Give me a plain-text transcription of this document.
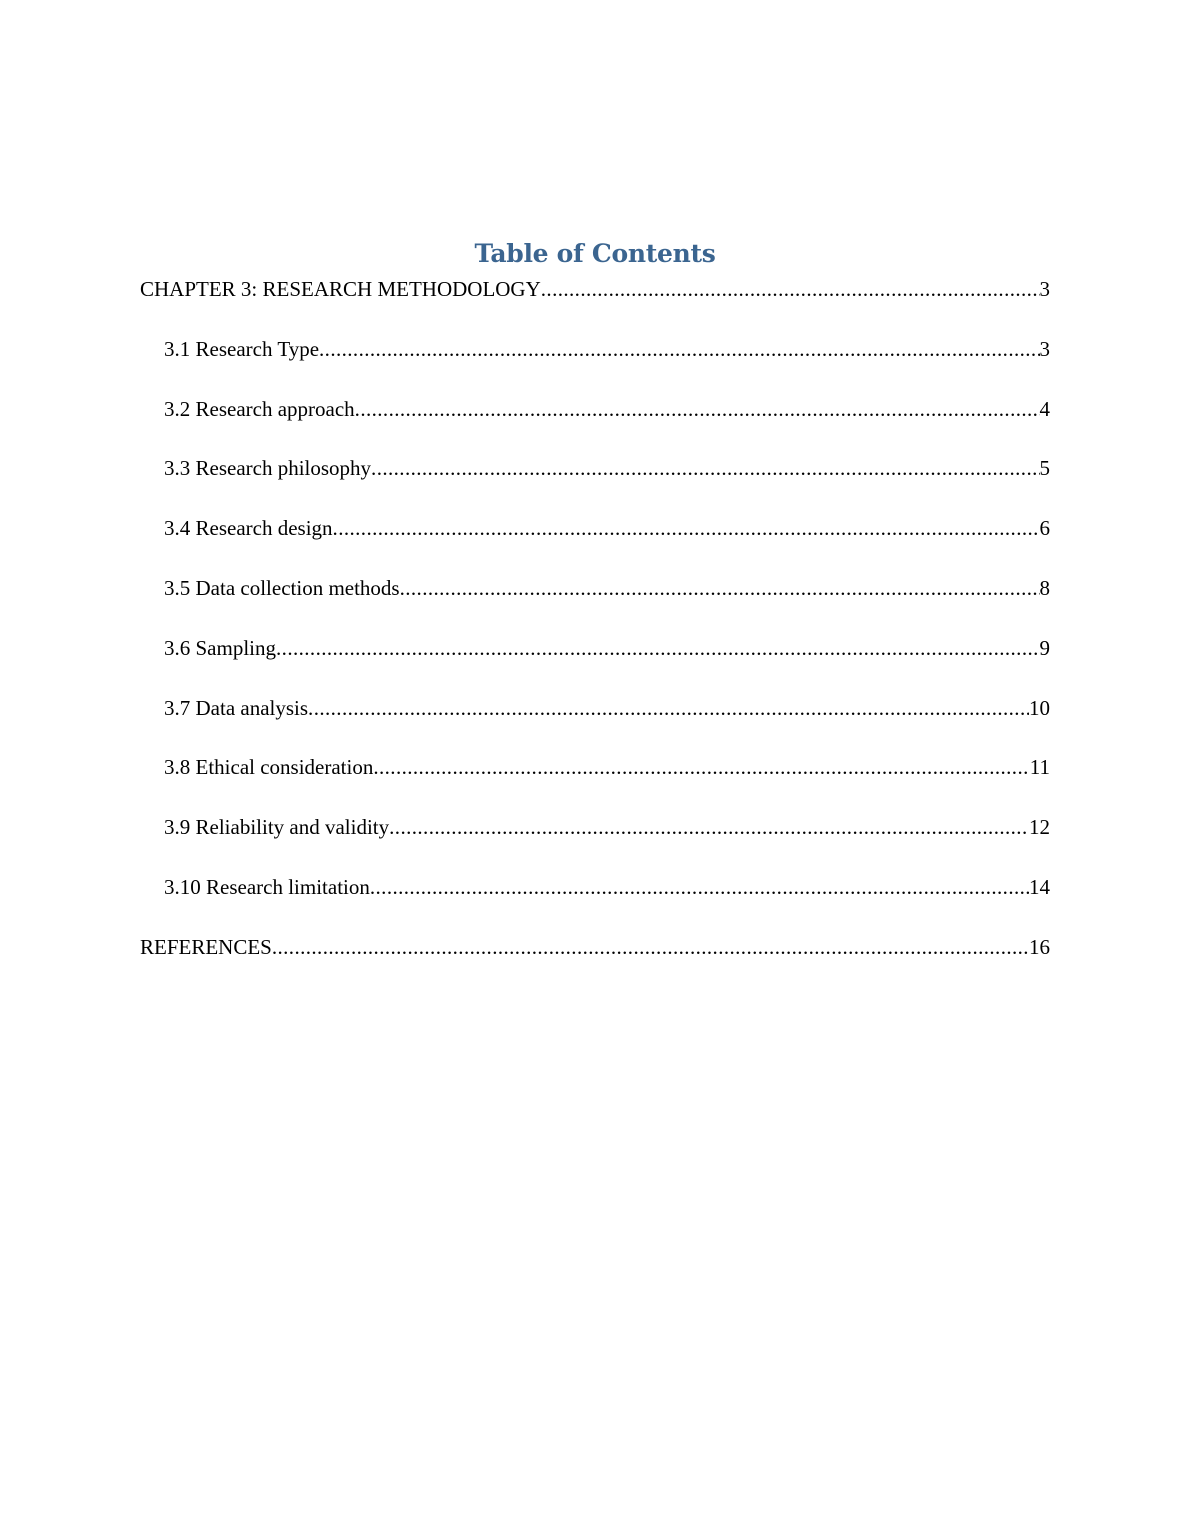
Table of Contents
CHAPTER 3: RESEARCH METHODOLOGY .....	3
3.1 Research Type .....	3
3.2 Research approach .....	4
3.3 Research philosophy .....	5
3.4 Research design .....	6
3.5 Data collection methods .....	8
3.6 Sampling .....	9
3.7 Data analysis .....	10
3.8 Ethical consideration .....	11
3.9 Reliability and validity .....	12
3.10 Research limitation .....	14
REFERENCES .....	16
